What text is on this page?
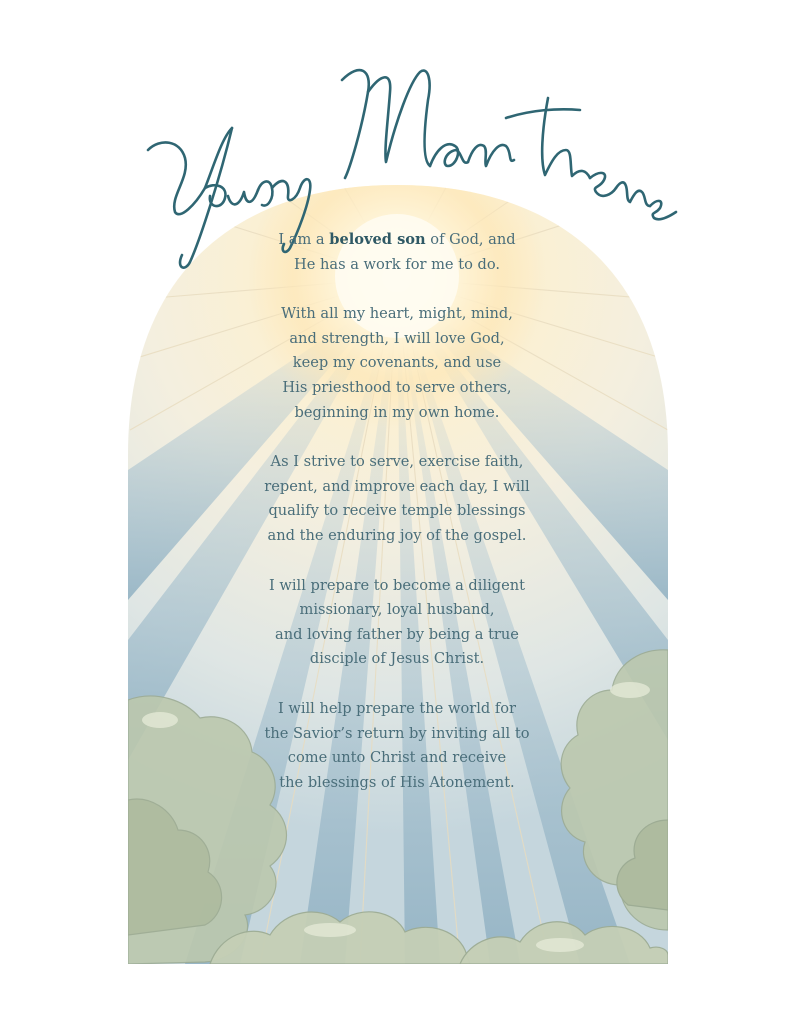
I am a beloved son of God, and
He has a work for me to do.

With all my heart, might, mind,
and strength, I will love God,
keep my covenants, and use
His priesthood to serve others,
beginning in my own home.

As I strive to serve, exercise faith,
repent, and improve each day, I will
qualify to receive temple blessings
and the enduring joy of the gospel.

I will prepare to become a diligent
missionary, loyal husband,
and loving father by being a true
disciple of Jesus Christ.

I will help prepare the world for
the Savior’s return by inviting all to
come unto Christ and receive
the blessings of His Atonement.
